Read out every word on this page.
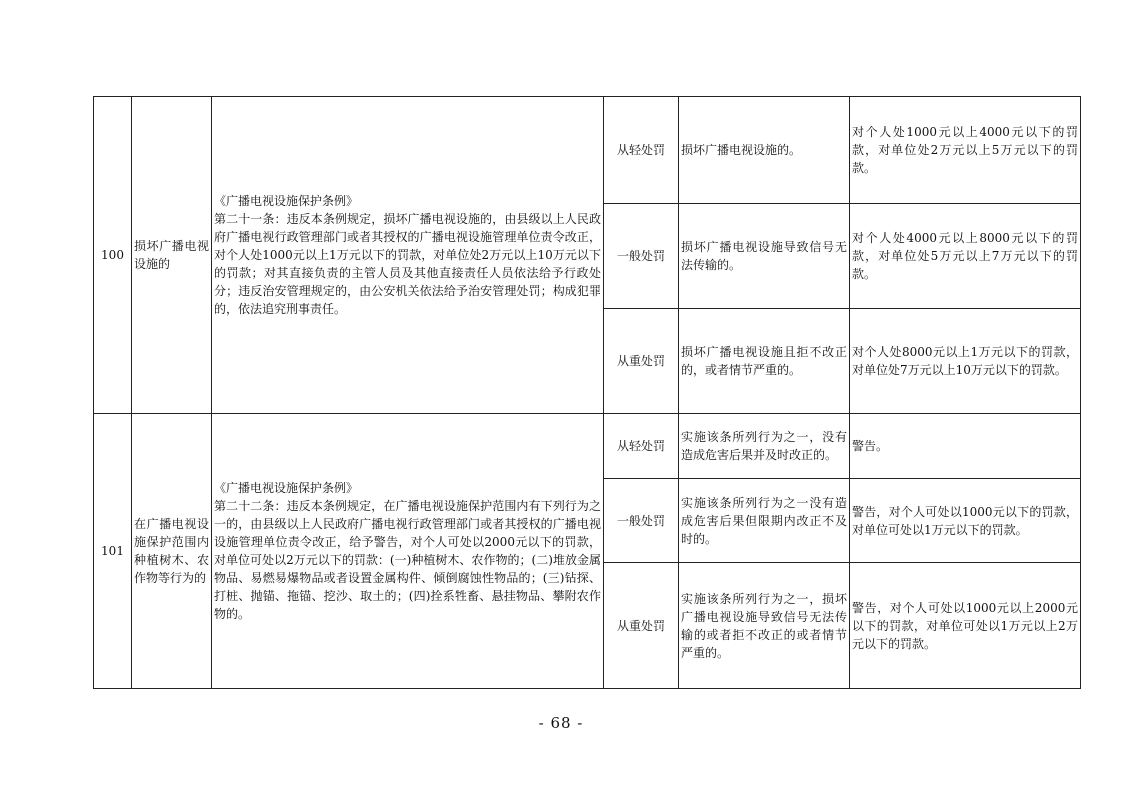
100	损坏广播电视设施的	《广播电视设施保护条例》
第二十一条：违反本条例规定，损坏广播电视设施的，由县级以上人民政府广播电视行政管理部门或者其授权的广播电视设施管理单位责令改正，对个人处1000元以上1万元以下的罚款，对单位处2万元以上10万元以下的罚款；对其直接负责的主管人员及其他直接责任人员依法给予行政处分；违反治安管理规定的，由公安机关依法给予治安管理处罚；构成犯罪的，依法追究刑事责任。	从轻处罚	损坏广播电视设施的。	对个人处1000元以上4000元以下的罚款，对单位处2万元以上5万元以下的罚款。
			一般处罚	损坏广播电视设施导致信号无法传输的。	对个人处4000元以上8000元以下的罚款，对单位处5万元以上7万元以下的罚款。
			从重处罚	损坏广播电视设施且拒不改正的，或者情节严重的。	对个人处8000元以上1万元以下的罚款，对单位处7万元以上10万元以下的罚款。
101	在广播电视设施保护范围内种植树木、农作物等行为的	《广播电视设施保护条例》
第二十二条：违反本条例规定，在广播电视设施保护范围内有下列行为之一的，由县级以上人民政府广播电视行政管理部门或者其授权的广播电视设施管理单位责令改正，给予警告，对个人可处以2000元以下的罚款，对单位可处以2万元以下的罚款：(一)种植树木、农作物的；(二)堆放金属物品、易燃易爆物品或者设置金属构件、倾倒腐蚀性物品的；(三)钻探、打桩、抛锚、拖锚、挖沙、取土的；(四)拴系牲畜、悬挂物品、攀附农作物的。	从轻处罚	实施该条所列行为之一，没有造成危害后果并及时改正的。	警告。
			一般处罚	实施该条所列行为之一没有造成危害后果但限期内改正不及时的。	警告，对个人可处以1000元以下的罚款，对单位可处以1万元以下的罚款。
			从重处罚	实施该条所列行为之一，损坏广播电视设施导致信号无法传输的或者拒不改正的或者情节严重的。	警告，对个人可处以1000元以上2000元以下的罚款，对单位可处以1万元以上2万元以下的罚款。
- 68 -
